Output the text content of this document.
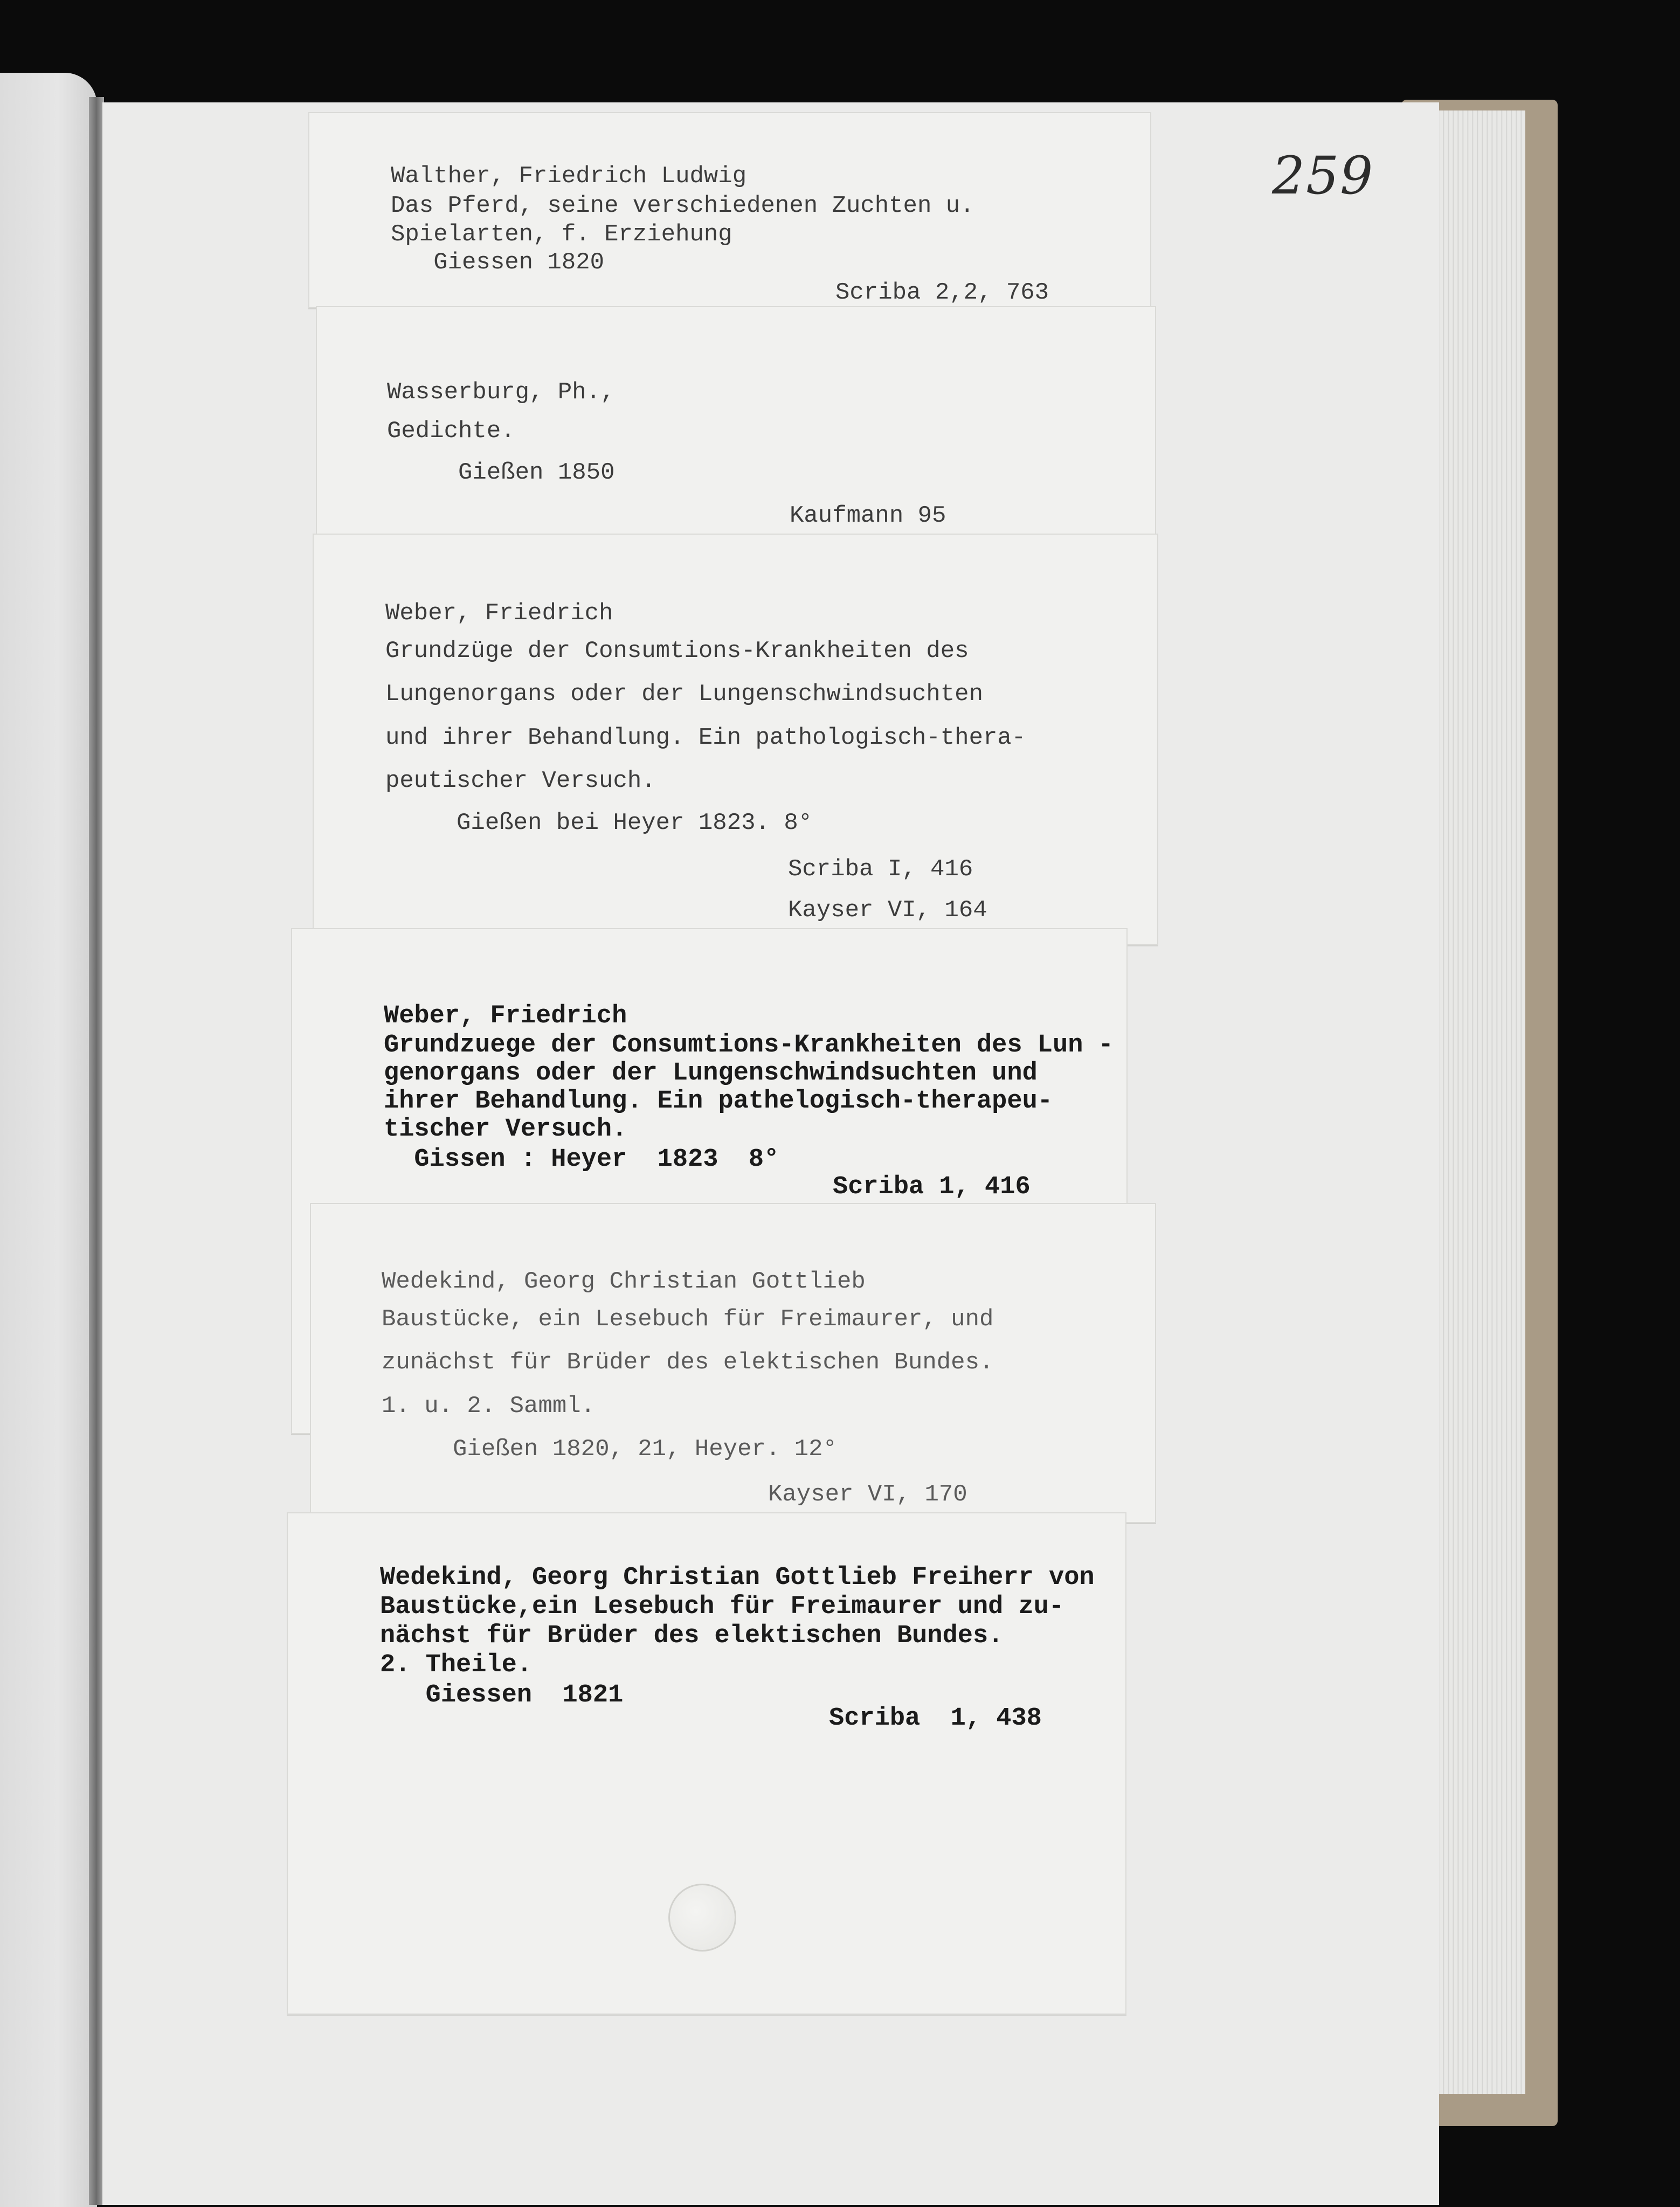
259
Walther, Friedrich Ludwig
Das Pferd, seine verschiedenen Zuchten u.
Spielarten, f. Erziehung
Giessen 1820
Scriba 2,2, 763
Wasserburg, Ph.,
Gedichte.
Gießen 1850
Kaufmann 95
Weber, Friedrich
Grundzüge der Consumtions-Krankheiten des
Lungenorgans oder der Lungenschwindsuchten
und ihrer Behandlung. Ein pathologisch-thera-
peutischer Versuch.
Gießen bei Heyer 1823. 8°
Scriba I, 416
Kayser VI, 164
Weber, Friedrich
Grundzuege der Consumtions-Krankheiten des Lun -
genorgans oder der Lungenschwindsuchten und
ihrer Behandlung. Ein pathelogisch-therapeu-
tischer Versuch.
Gissen : Heyer  1823  8°
Scriba 1, 416
Wedekind, Georg Christian Gottlieb
Baustücke, ein Lesebuch für Freimaurer, und
zunächst für Brüder des elektischen Bundes.
1. u. 2. Samml.
Gießen 1820, 21, Heyer. 12°
Kayser VI, 170
Wedekind, Georg Christian Gottlieb Freiherr von
Baustücke,ein Lesebuch für Freimaurer und zu-
nächst für Brüder des elektischen Bundes.
2. Theile.
Giessen  1821
Scriba  1, 438
